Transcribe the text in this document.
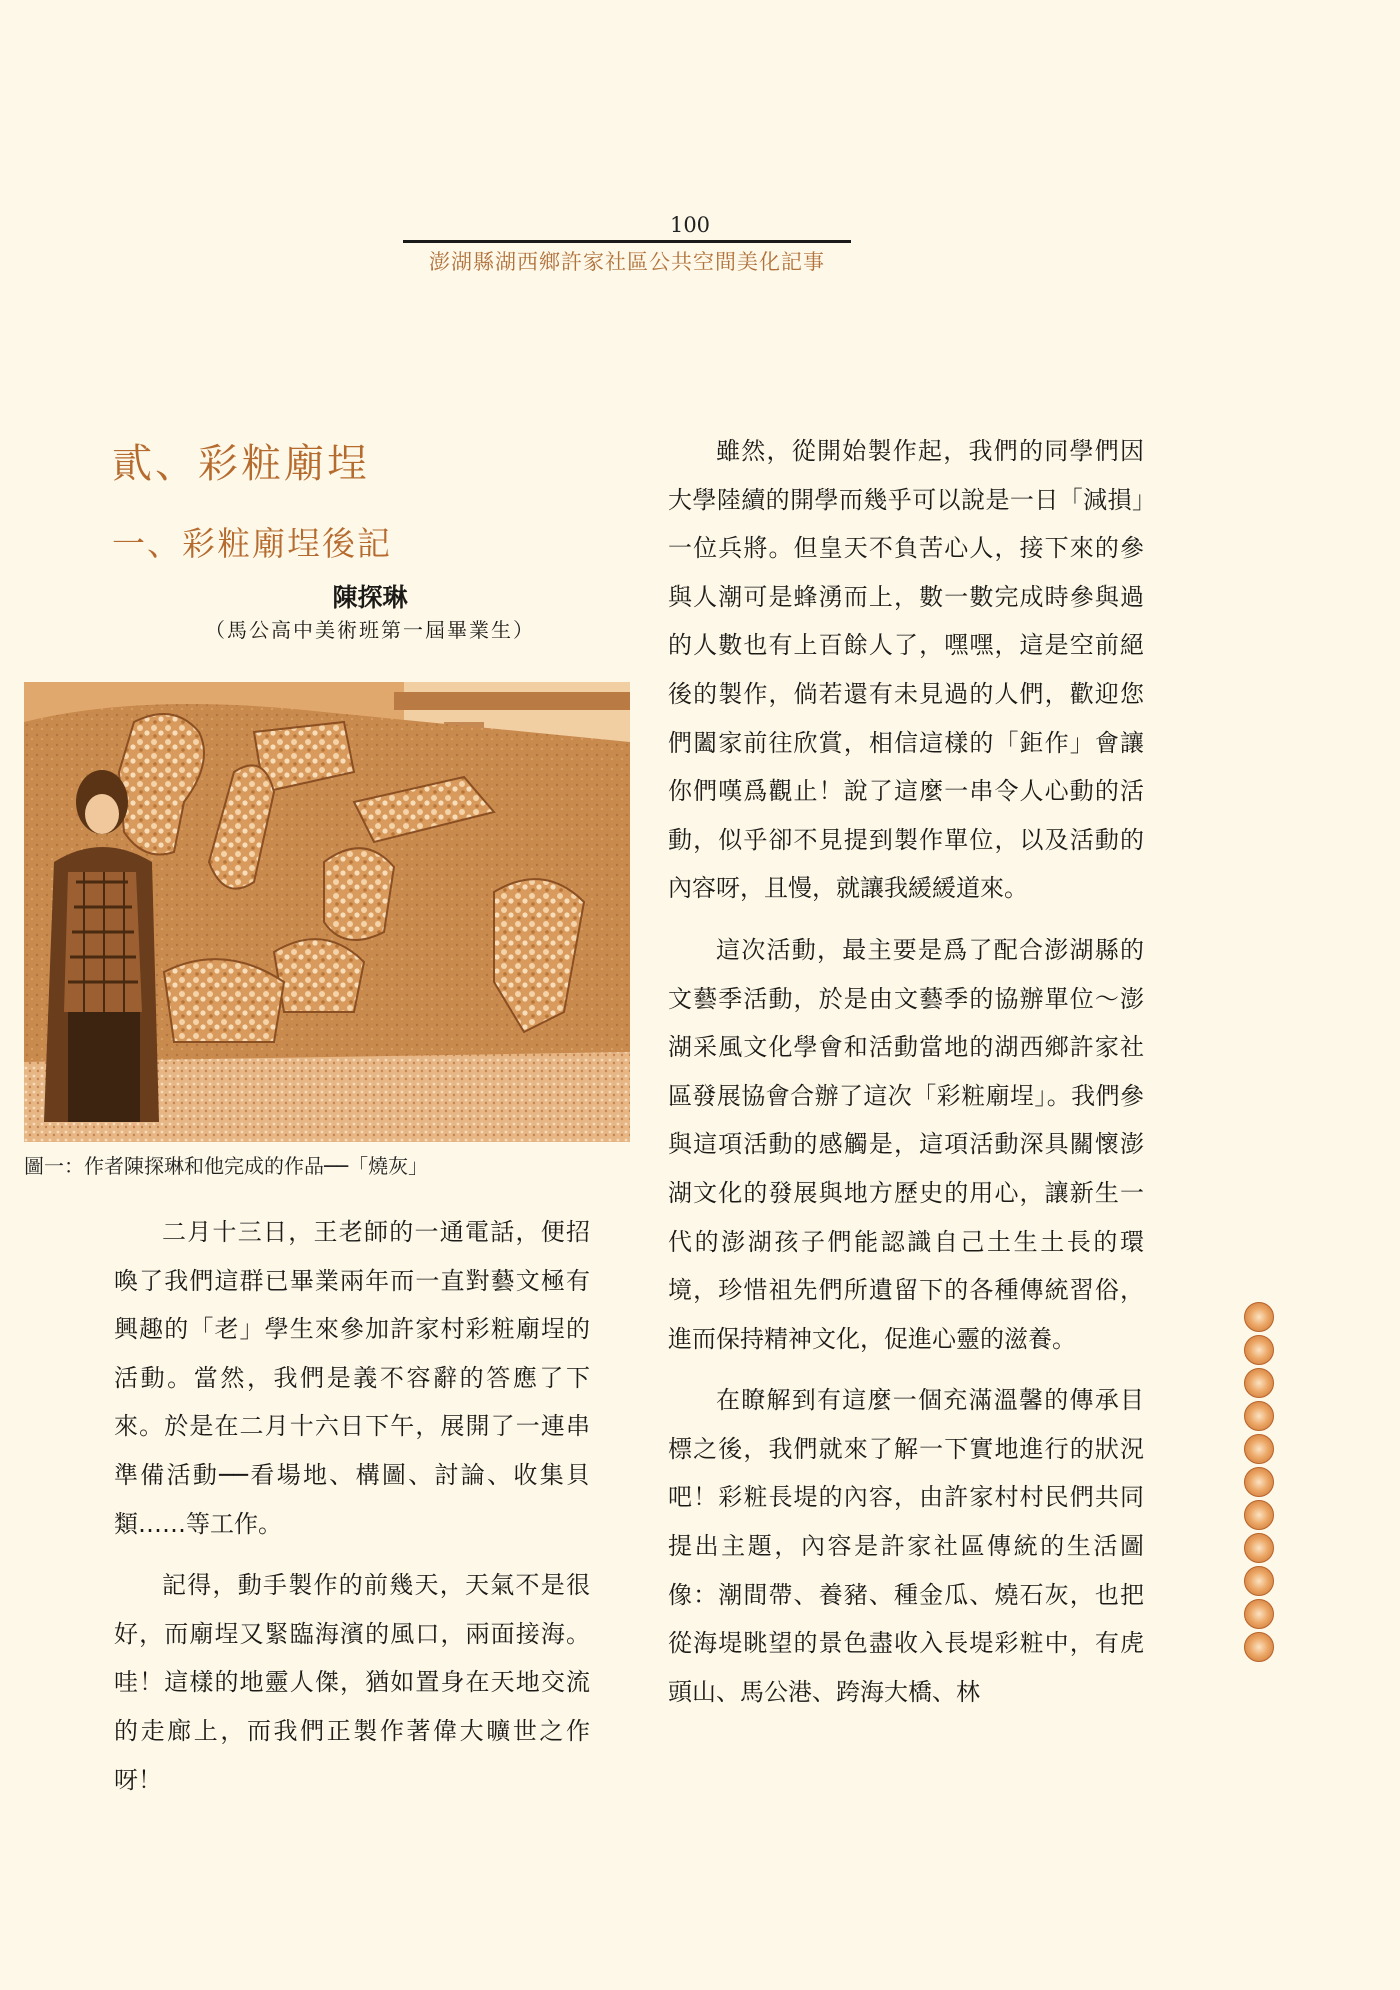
100
澎湖縣湖西鄉許家社區公共空間美化記事
貳、彩粧廟埕
一、彩粧廟埕後記
陳探琳
（馬公高中美術班第一屆畢業生）
圖一：作者陳探琳和他完成的作品──「燒灰」

二月十三日，王老師的一通電話，便招喚了我們這群已畢業兩年而一直對藝文極有興趣的「老」學生來參加許家村彩粧廟埕的活動。當然，我們是義不容辭的答應了下來。於是在二月十六日下午，展開了一連串準備活動──看場地、構圖、討論、收集貝類……等工作。

記得，動手製作的前幾天，天氣不是很好，而廟埕又緊臨海濱的風口，兩面接海。哇！這樣的地靈人傑，猶如置身在天地交流的走廊上，而我們正製作著偉大曠世之作呀！

雖然，從開始製作起，我們的同學們因大學陸續的開學而幾乎可以說是一日「減損」一位兵將。但皇天不負苦心人，接下來的參與人潮可是蜂湧而上，數一數完成時參與過的人數也有上百餘人了，嘿嘿，這是空前絕後的製作，倘若還有未見過的人們，歡迎您們闔家前往欣賞，相信這樣的「鉅作」會讓你們嘆爲觀止！說了這麼一串令人心動的活動，似乎卻不見提到製作單位，以及活動的內容呀，且慢，就讓我緩緩道來。

這次活動，最主要是爲了配合澎湖縣的文藝季活動，於是由文藝季的協辦單位～澎湖采風文化學會和活動當地的湖西鄉許家社區發展協會合辦了這次「彩粧廟埕」。我們參與這項活動的感觸是，這項活動深具關懷澎湖文化的發展與地方歷史的用心，讓新生一代的澎湖孩子們能認識自己土生土長的環境，珍惜祖先們所遺留下的各種傳統習俗，進而保持精神文化，促進心靈的滋養。

在瞭解到有這麼一個充滿溫馨的傳承目標之後，我們就來了解一下實地進行的狀況吧！彩粧長堤的內容，由許家村村民們共同提出主題，內容是許家社區傳統的生活圖像：潮間帶、養豬、種金瓜、燒石灰，也把從海堤眺望的景色盡收入長堤彩粧中，有虎頭山、馬公港、跨海大橋、林
